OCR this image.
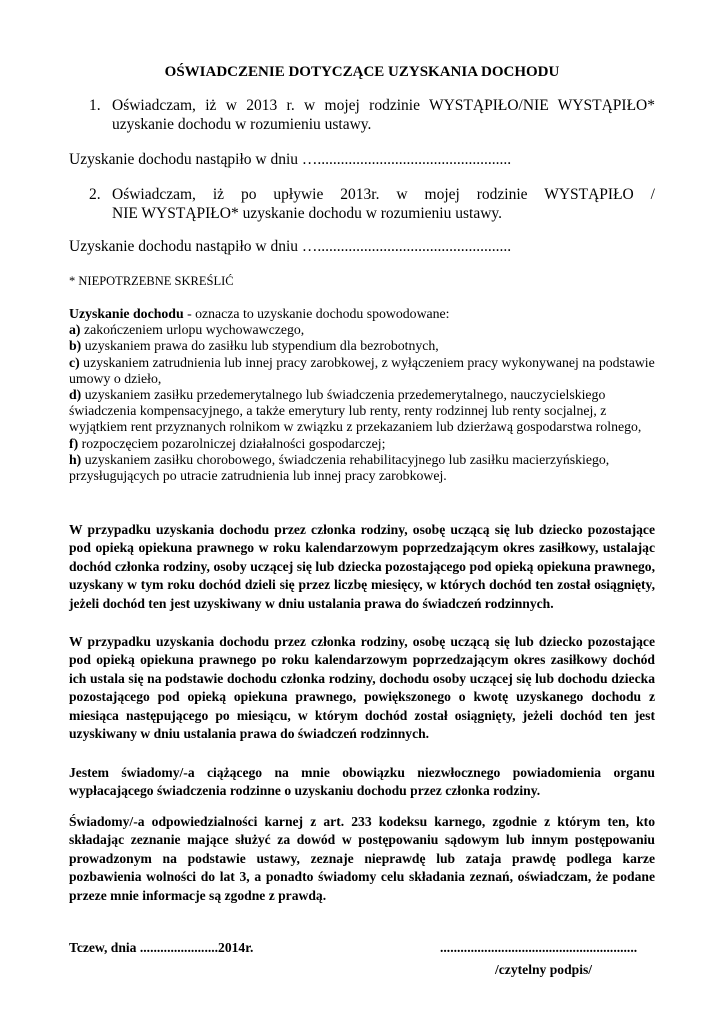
OŚWIADCZENIE DOTYCZĄCE UZYSKANIA DOCHODU
1. Oświadczam, iż w 2013 r. w mojej rodzinie WYSTĄPIŁO/NIE WYSTĄPIŁO*
uzyskanie dochodu w rozumieniu ustawy.
Uzyskanie dochodu nastąpiło w dniu …..................................................
2. Oświadczam, iż po upływie 2013r. w mojej rodzinie WYSTĄPIŁO /
NIE WYSTĄPIŁO* uzyskanie dochodu w rozumieniu ustawy.
Uzyskanie dochodu nastąpiło w dniu …..................................................
* NIEPOTRZEBNE SKREŚLIĆ
Uzyskanie dochodu - oznacza to uzyskanie dochodu spowodowane:
a) zakończeniem urlopu wychowawczego,
b) uzyskaniem prawa do zasiłku lub stypendium dla bezrobotnych,
c) uzyskaniem zatrudnienia lub innej pracy zarobkowej, z wyłączeniem pracy wykonywanej na podstawie umowy o dzieło,
d) uzyskaniem zasiłku przedemerytalnego lub świadczenia przedemerytalnego, nauczycielskiego świadczenia kompensacyjnego, a także emerytury lub renty, renty rodzinnej lub renty socjalnej, z wyjątkiem rent przyznanych rolnikom w związku z przekazaniem lub dzierżawą gospodarstwa rolnego,
f) rozpoczęciem pozarolniczej działalności gospodarczej;
h) uzyskaniem zasiłku chorobowego, świadczenia rehabilitacyjnego lub zasiłku macierzyńskiego, przysługujących po utracie zatrudnienia lub innej pracy zarobkowej.
W przypadku uzyskania dochodu przez członka rodziny, osobę uczącą się lub dziecko pozostające pod opieką opiekuna prawnego w roku kalendarzowym poprzedzającym okres zasiłkowy, ustalając dochód członka rodziny, osoby uczącej się lub dziecka pozostającego pod opieką opiekuna prawnego, uzyskany w tym roku dochód dzieli się przez liczbę miesięcy, w których dochód ten został osiągnięty, jeżeli dochód ten jest uzyskiwany w dniu ustalania prawa do świadczeń rodzinnych.
W przypadku uzyskania dochodu przez członka rodziny, osobę uczącą się lub dziecko pozostające pod opieką opiekuna prawnego po roku kalendarzowym poprzedzającym okres zasiłkowy dochód ich ustala się na podstawie dochodu członka rodziny, dochodu osoby uczącej się lub dochodu dziecka pozostającego pod opieką opiekuna prawnego, powiększonego o kwotę uzyskanego dochodu z miesiąca następującego po miesiącu, w którym dochód został osiągnięty, jeżeli dochód ten jest uzyskiwany w dniu ustalania prawa do świadczeń rodzinnych.
Jestem świadomy/-a ciążącego na mnie obowiązku niezwłocznego powiadomienia organu wypłacającego świadczenia rodzinne o uzyskaniu dochodu przez członka rodziny.
Świadomy/-a odpowiedzialności karnej z art. 233 kodeksu karnego, zgodnie z którym ten, kto składając zeznanie mające służyć za dowód w postępowaniu sądowym lub innym postępowaniu prowadzonym na podstawie ustawy, zeznaje nieprawdę lub zataja prawdę podlega karze pozbawienia wolności do lat 3, a ponadto świadomy celu składania zeznań, oświadczam, że podane przeze mnie informacje są zgodne z prawdą.
Tczew, dnia .......................2014r.	..........................................................
/czytelny podpis/
